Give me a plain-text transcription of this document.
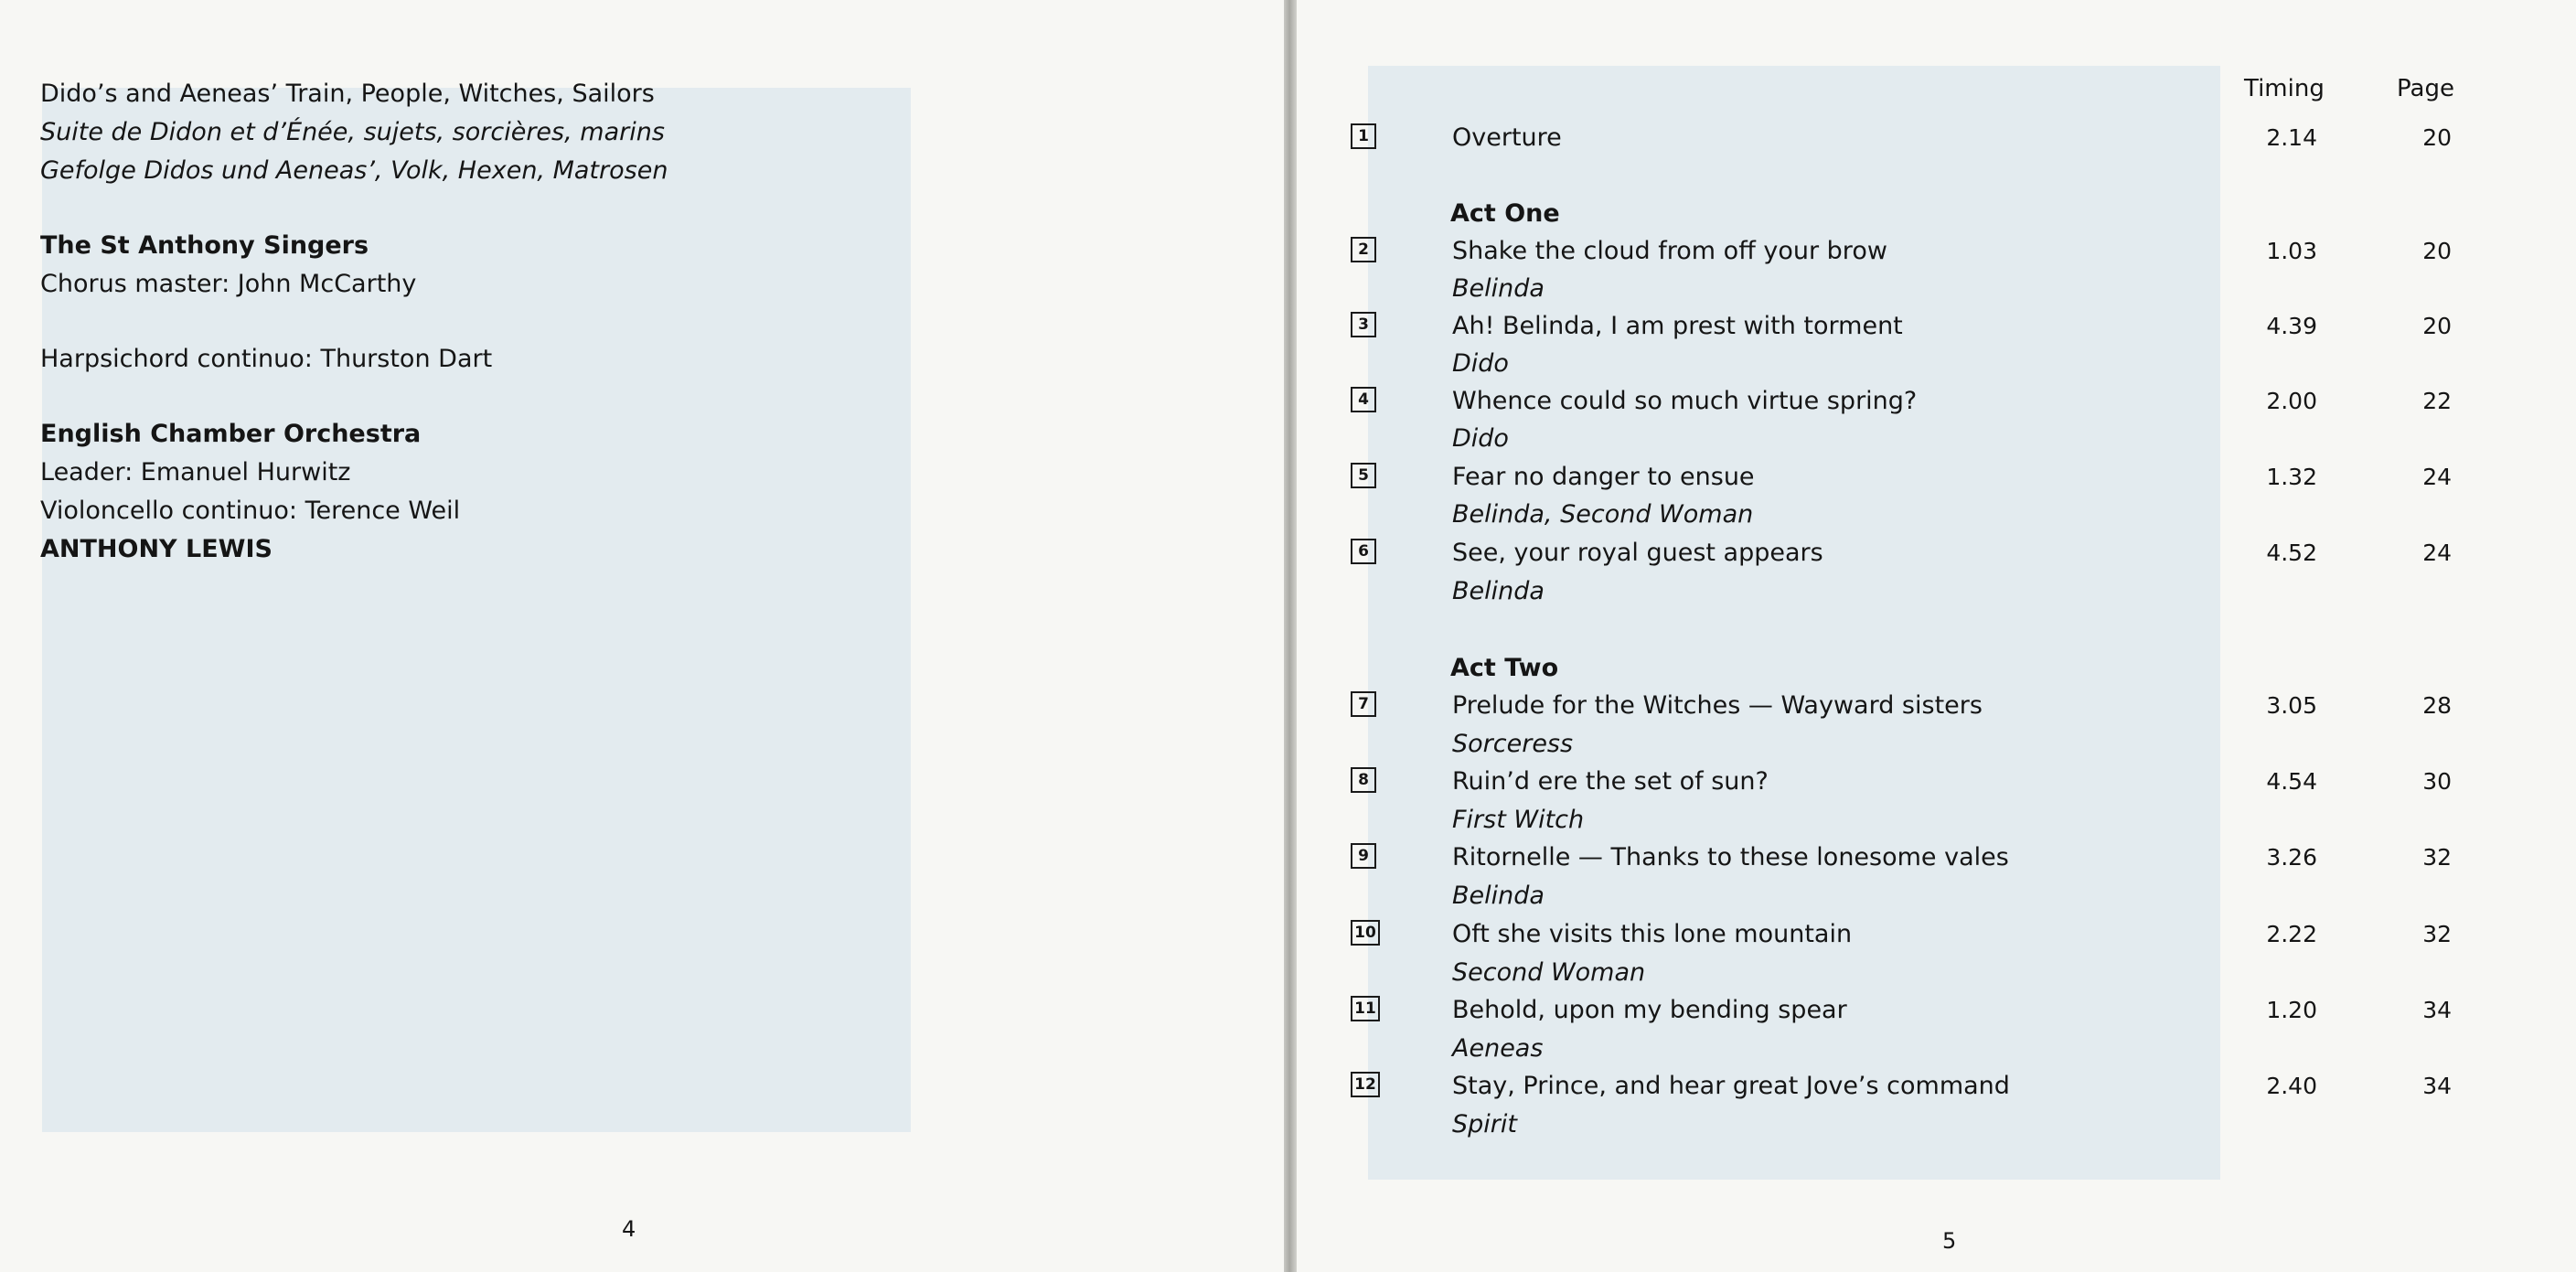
Dido’s and Aeneas’ Train, People, Witches, Sailors
Suite de Didon et d’Énée, sujets, sorcières, marins
Gefolge Didos und Aeneas’, Volk, Hexen, Matrosen
The St Anthony Singers
Chorus master: John McCarthy
Harpsichord continuo: Thurston Dart
English Chamber Orchestra
Leader: Emanuel Hurwitz
Violoncello continuo: Terence Weil
ANTHONY LEWIS
4
Timing	Page
1	Overture	2.14	20
Act One
2	Shake the cloud from off your brow	1.03	20
Belinda
3	Ah! Belinda, I am prest with torment	4.39	20
Dido
4	Whence could so much virtue spring?	2.00	22
Dido
5	Fear no danger to ensue	1.32	24
Belinda, Second Woman
6	See, your royal guest appears	4.52	24
Belinda
Act Two
7	Prelude for the Witches — Wayward sisters	3.05	28
Sorceress
8	Ruin’d ere the set of sun?	4.54	30
First Witch
9	Ritornelle — Thanks to these lonesome vales	3.26	32
Belinda
10	Oft she visits this lone mountain	2.22	32
Second Woman
11	Behold, upon my bending spear	1.20	34
Aeneas
12	Stay, Prince, and hear great Jove’s command	2.40	34
Spirit
5
